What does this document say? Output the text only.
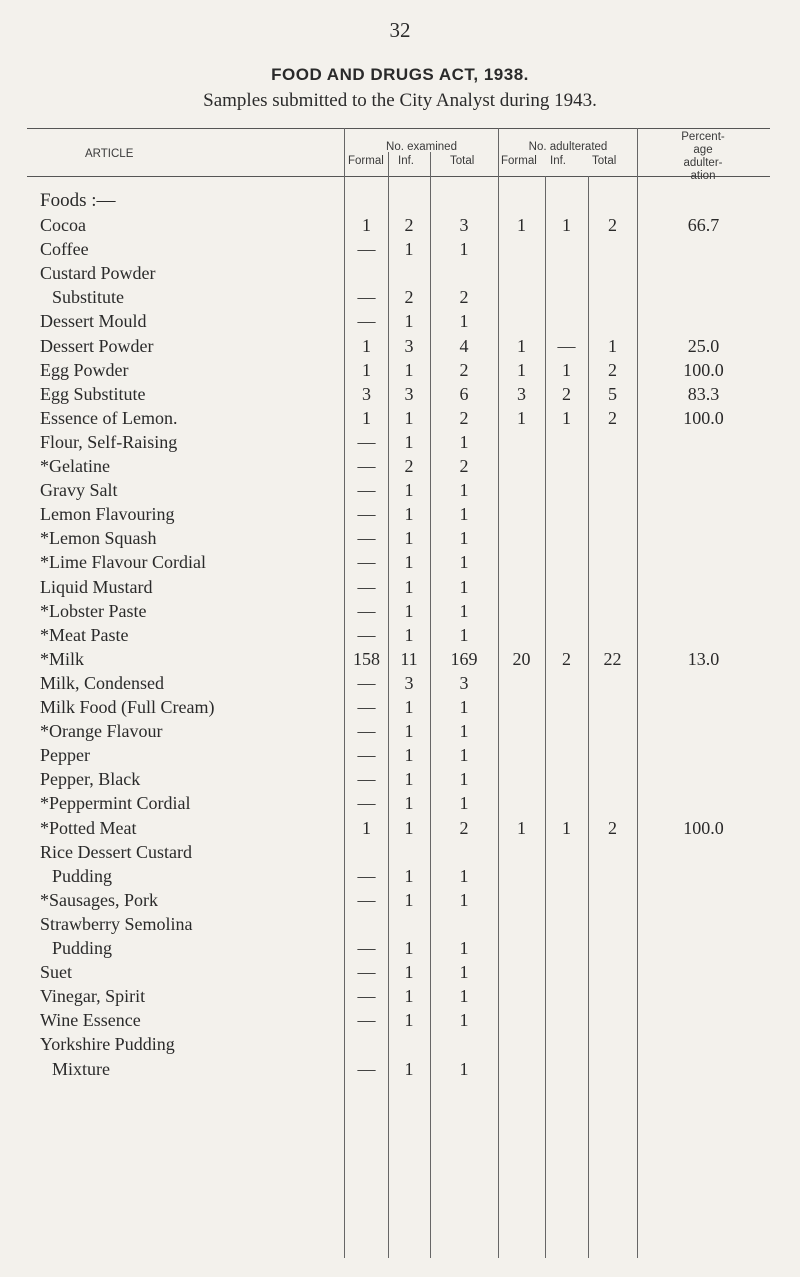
32
FOOD AND DRUGS ACT, 1938.
Samples submitted to the City Analyst during 1943.
ARTICLE
No. examined
Formal Inf.	Total
No. adulterated
Formal Inf. Total
Percent-
age
adulter-
ation
Foods :—
Cocoa	1	2	3	1	1	2	66.7
Coffee	—	1	1
Custard Powder
Substitute	—	2	2
Dessert Mould	—	1	1
Dessert Powder	1	3	4	1	—	1	25.0
Egg Powder	1	1	2	1	1	2	100.0
Egg Substitute	3	3	6	3	2	5	83.3
Essence of Lemon.	1	1	2	1	1	2	100.0
Flour, Self-Raising	—	1	1
*Gelatine	—	2	2
Gravy Salt	—	1	1
Lemon Flavouring	—	1	1
*Lemon Squash	—	1	1
*Lime Flavour Cordial	—	1	1
Liquid Mustard	—	1	1
*Lobster Paste	—	1	1
*Meat Paste	—	1	1
*Milk	158	11	169	20	2	22	13.0
Milk, Condensed	—	3	3
Milk Food (Full Cream)	—	1	1
*Orange Flavour	—	1	1
Pepper	—	1	1
Pepper, Black	—	1	1
*Peppermint Cordial	—	1	1
*Potted Meat	1	1	2	1	1	2	100.0
Rice Dessert Custard
Pudding	—	1	1
*Sausages, Pork	—	1	1
Strawberry Semolina
Pudding	—	1	1
Suet	—	1	1
Vinegar, Spirit	—	1	1
Wine Essence	—	1	1
Yorkshire Pudding
Mixture	—	1	1
